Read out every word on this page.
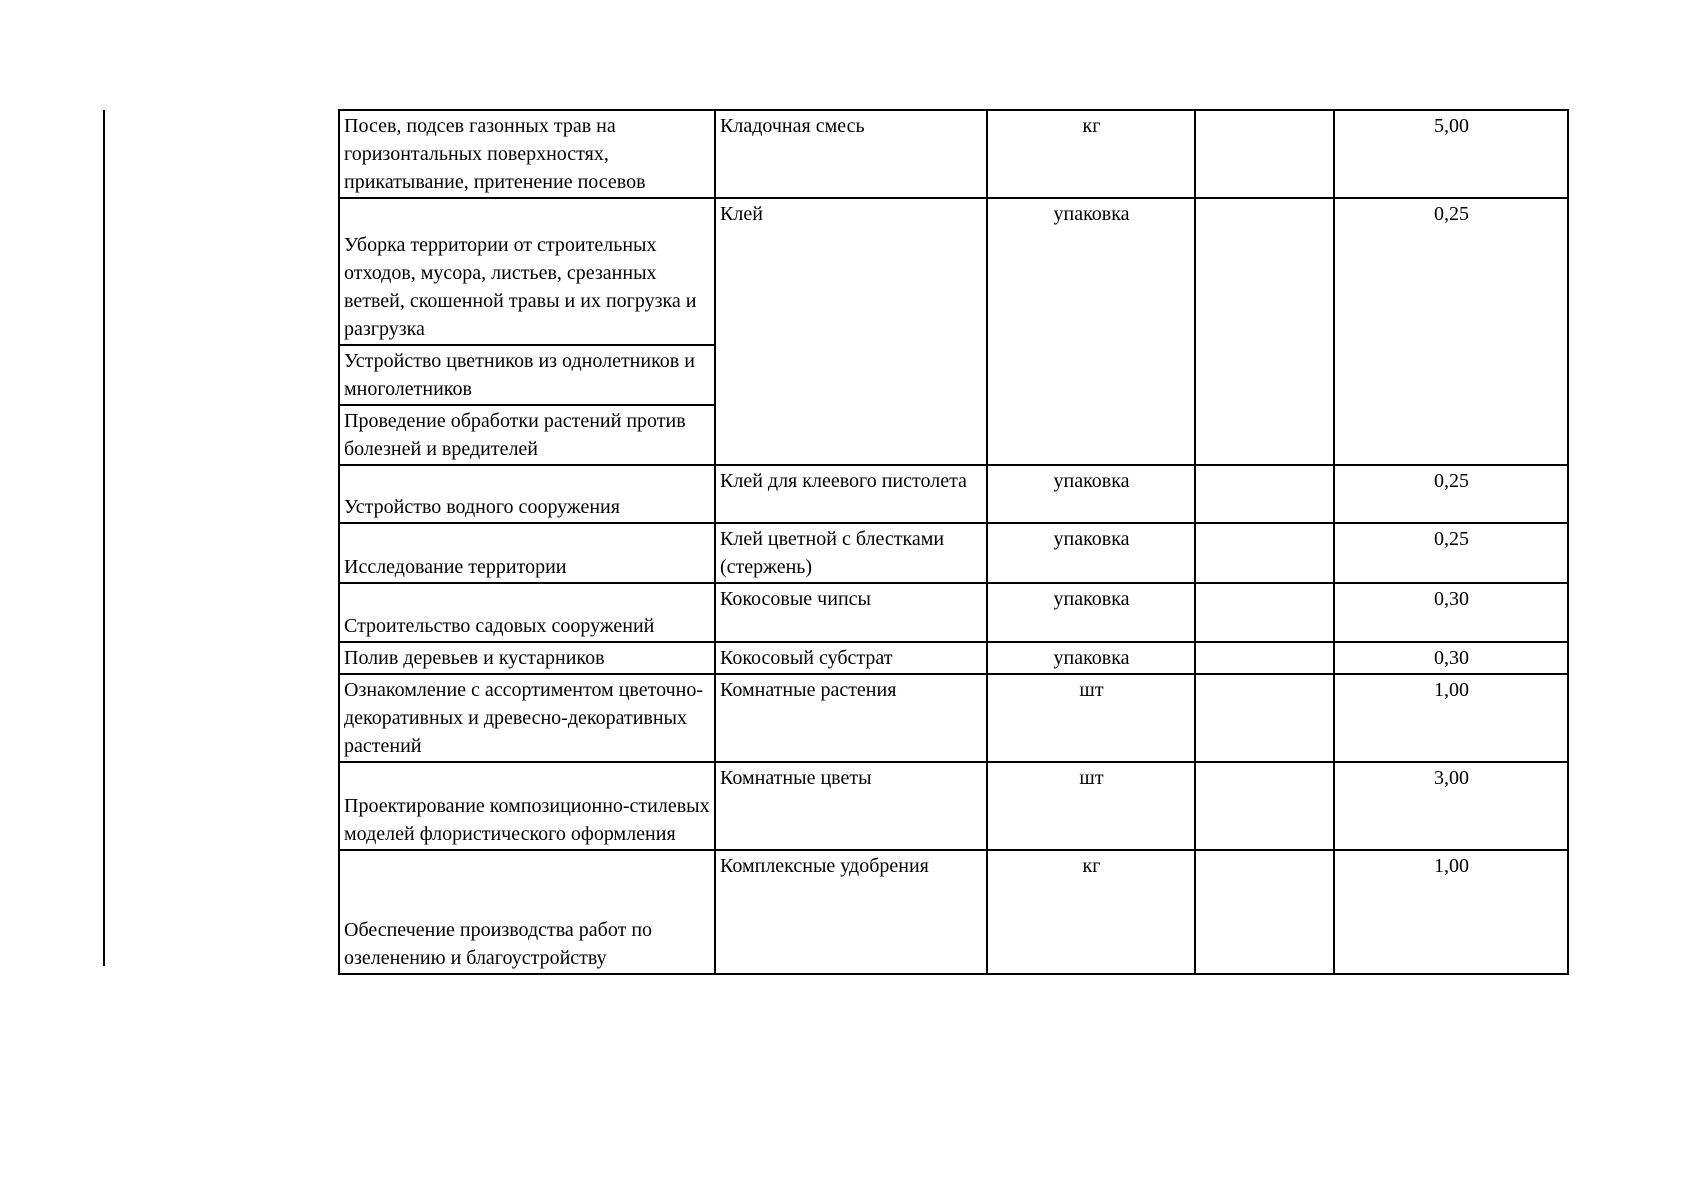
Посев, подсев газонных трав на горизонтальных поверхностях, прикатывание, притенение посевов	Кладочная смесь	кг		5,00
Уборка территории от строительных отходов, мусора, листьев, срезанных ветвей, скошенной травы и их погрузка и разгрузка	Клей	упаковка		0,25
Устройство цветников из однолетников и многолетников				
Проведение обработки растений против болезней и вредителей				
Устройство водного сооружения	Клей для клеевого пистолета	упаковка		0,25
Исследование территории	Клей цветной с блестками (стержень)	упаковка		0,25
Строительство садовых сооружений	Кокосовые чипсы	упаковка		0,30
Полив деревьев и кустарников	Кокосовый субстрат	упаковка		0,30
Ознакомление с ассортиментом цветочно-декоративных и древесно-декоративных растений	Комнатные растения	шт		1,00
Проектирование композиционно-стилевых моделей флористического оформления	Комнатные цветы	шт		3,00
Обеспечение производства работ по озеленению и благоустройству	Комплексные удобрения	кг		1,00
